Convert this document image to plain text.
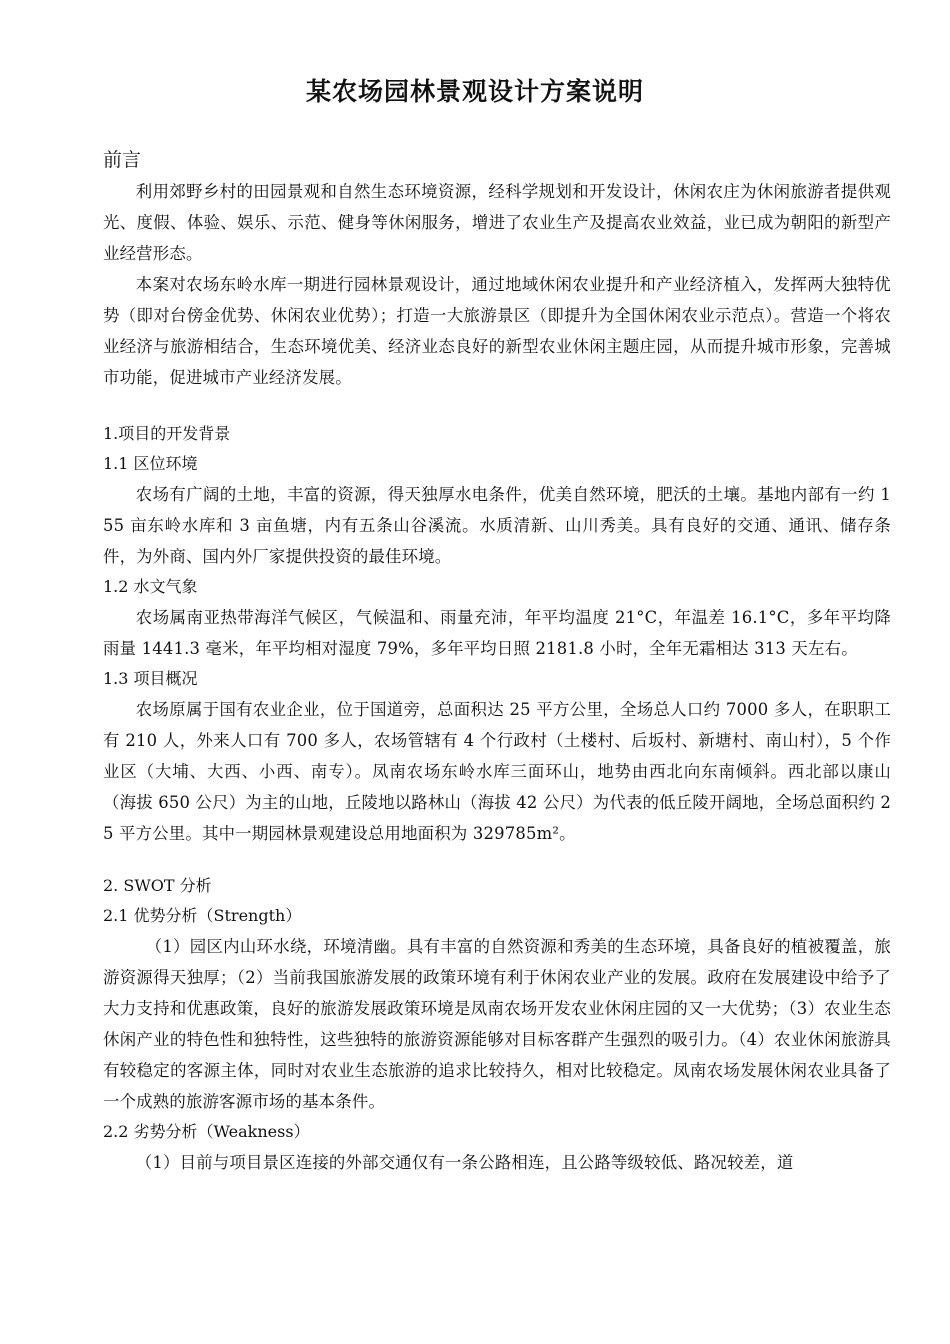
某农场园林景观设计方案说明
前言

利用郊野乡村的田园景观和自然生态环境资源，经科学规划和开发设计，休闲农庄为休闲旅游者提供观光、度假、体验、娱乐、示范、健身等休闲服务，增进了农业生产及提高农业效益，业已成为朝阳的新型产业经营形态。

本案对农场东岭水库一期进行园林景观设计，通过地域休闲农业提升和产业经济植入，发挥两大独特优势（即对台傍金优势、休闲农业优势）；打造一大旅游景区（即提升为全国休闲农业示范点）。营造一个将农业经济与旅游相结合，生态环境优美、经济业态良好的新型农业休闲主题庄园，从而提升城市形象，完善城市功能，促进城市产业经济发展。

1.项目的开发背景
1.1 区位环境

农场有广阔的土地，丰富的资源，得天独厚水电条件，优美自然环境，肥沃的土壤。基地内部有一约 155 亩东岭水库和 3 亩鱼塘，内有五条山谷溪流。水质清新、山川秀美。具有良好的交通、通讯、储存条件，为外商、国内外厂家提供投资的最佳环境。

1.2 水文气象

农场属南亚热带海洋气候区，气候温和、雨量充沛，年平均温度 21°C，年温差 16.1°C，多年平均降雨量 1441.3 毫米，年平均相对湿度 79%，多年平均日照 2181.8 小时，全年无霜相达 313 天左右。

1.3 项目概况

农场原属于国有农业企业，位于国道旁，总面积达 25 平方公里，全场总人口约 7000 多人，在职职工有 210 人，外来人口有 700 多人，农场管辖有 4 个行政村（土楼村、后坂村、新塘村、南山村），5 个作业区（大埔、大西、小西、南专）。凤南农场东岭水库三面环山，地势由西北向东南倾斜。西北部以康山（海拔 650 公尺）为主的山地，丘陵地以路林山（海拔 42 公尺）为代表的低丘陵开阔地，全场总面积约 25 平方公里。其中一期园林景观建设总用地面积为 329785m²。

2. SWOT 分析
2.1 优势分析（Strength）

（1）园区内山环水绕，环境清幽。具有丰富的自然资源和秀美的生态环境，具备良好的植被覆盖，旅游资源得天独厚；（2）当前我国旅游发展的政策环境有利于休闲农业产业的发展。政府在发展建设中给予了大力支持和优惠政策，良好的旅游发展政策环境是凤南农场开发农业休闲庄园的又一大优势；（3）农业生态休闲产业的特色性和独特性，这些独特的旅游资源能够对目标客群产生强烈的吸引力。（4）农业休闲旅游具有较稳定的客源主体，同时对农业生态旅游的追求比较持久，相对比较稳定。凤南农场发展休闲农业具备了一个成熟的旅游客源市场的基本条件。

2.2 劣势分析（Weakness）

（1）目前与项目景区连接的外部交通仅有一条公路相连，且公路等级较低、路况较差，道
